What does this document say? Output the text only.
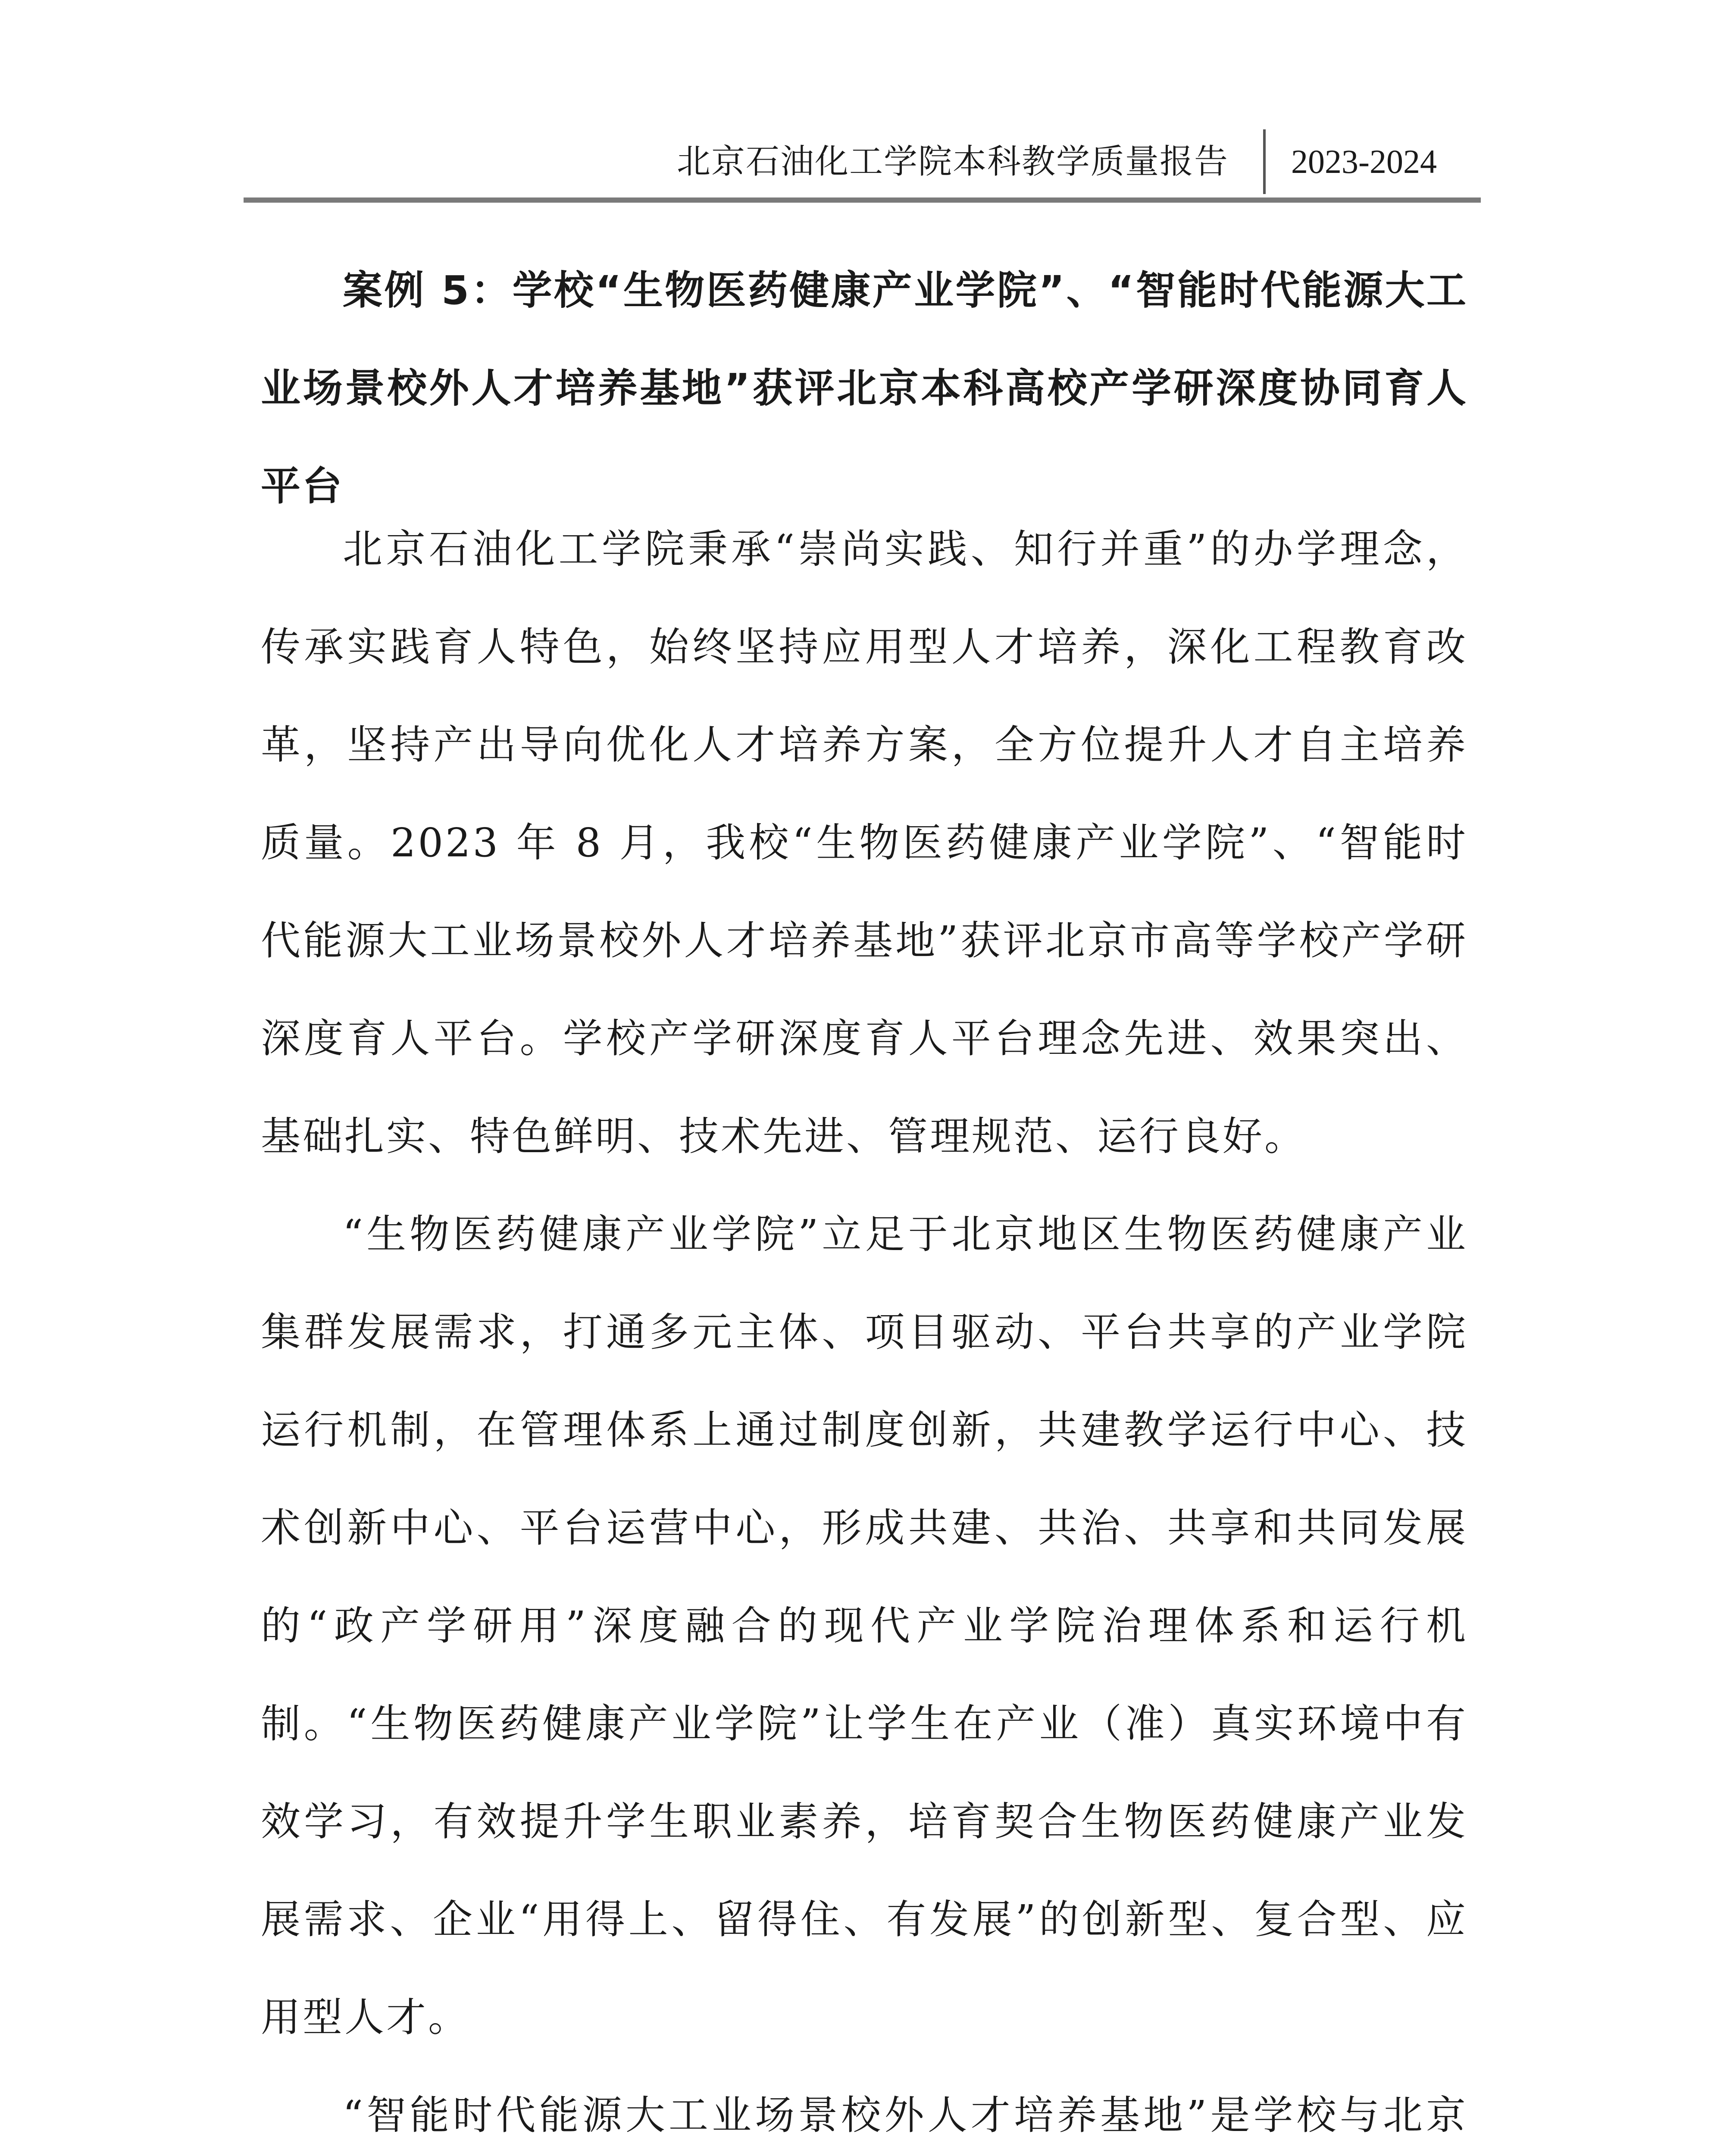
北京石油化工学院本科教学质量报告 2023-2024
案例 5：学校“生物医药健康产业学院”、“智能时代能源大工业场景校外人才培养基地”获评北京本科高校产学研深度协同育人平台

北京石油化工学院秉承“崇尚实践、知行并重”的办学理念，传承实践育人特色，始终坚持应用型人才培养，深化工程教育改革，坚持产出导向优化人才培养方案，全方位提升人才自主培养质量。2023 年 8 月，我校“生物医药健康产业学院”、“智能时代能源大工业场景校外人才培养基地”获评北京市高等学校产学研深度育人平台。学校产学研深度育人平台理念先进、效果突出、基础扎实、特色鲜明、技术先进、管理规范、运行良好。

“生物医药健康产业学院”立足于北京地区生物医药健康产业集群发展需求，打通多元主体、项目驱动、平台共享的产业学院运行机制，在管理体系上通过制度创新，共建教学运行中心、技术创新中心、平台运营中心，形成共建、共治、共享和共同发展的“政产学研用”深度融合的现代产业学院治理体系和运行机制。“生物医药健康产业学院”让学生在产业（准）真实环境中有效学习，有效提升学生职业素养，培育契合生物医药健康产业发展需求、企业“用得上、留得住、有发展”的创新型、复合型、应用型人才。

“智能时代能源大工业场景校外人才培养基地”是学校与北京
